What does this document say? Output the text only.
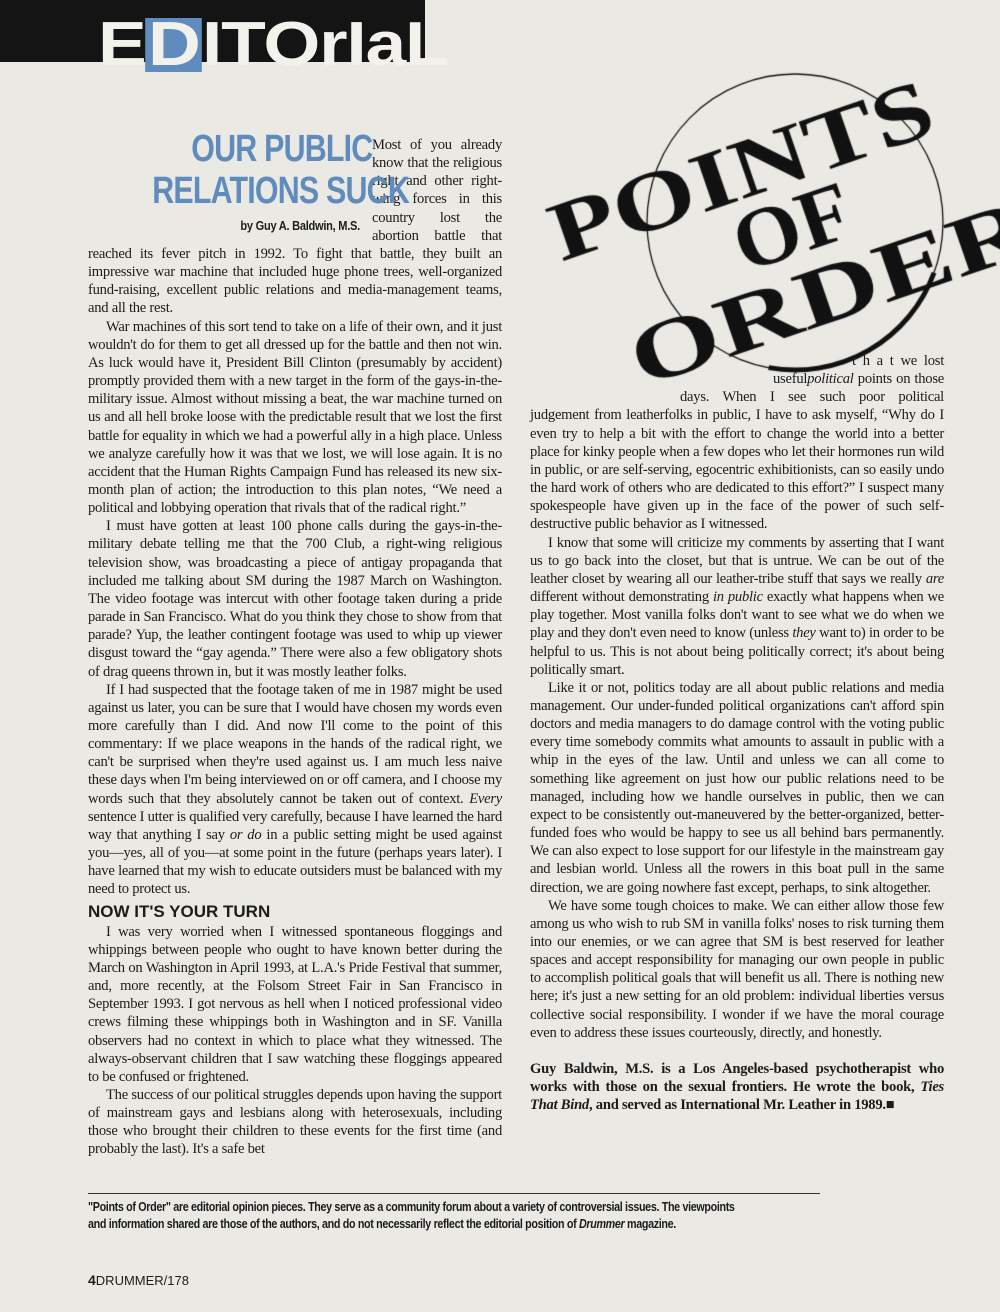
E D ITOrIaL
OUR PUBLIC
RELATIONS SUCK
by Guy A. Baldwin, M.S.

Most of you already know that the religious right and other right-wing forces in this country lost the abortion battle that reached its fever pitch in 1992. To fight that battle, they built an impressive war machine that included huge phone trees, well-organized fund-raising, excellent public relations and media-management teams, and all the rest.

War machines of this sort tend to take on a life of their own, and it just wouldn't do for them to get all dressed up for the battle and then not win. As luck would have it, President Bill Clinton (presumably by accident) promptly provided them with a new target in the form of the gays-in-the-military issue. Almost without missing a beat, the war machine turned on us and all hell broke loose with the predictable result that we lost the first battle for equality in which we had a powerful ally in a high place. Unless we analyze carefully how it was that we lost, we will lose again. It is no accident that the Human Rights Campaign Fund has released its new six-month plan of action; the introduction to this plan notes, “We need a political and lobbying operation that rivals that of the radical right.”

I must have gotten at least 100 phone calls during the gays-in-the-military debate telling me that the 700 Club, a right-wing religious television show, was broadcasting a piece of antigay propaganda that included me talking about SM during the 1987 March on Washington. The video footage was intercut with other footage taken during a pride parade in San Francisco. What do you think they chose to show from that parade? Yup, the leather contingent footage was used to whip up viewer disgust toward the “gay agenda.” There were also a few obligatory shots of drag queens thrown in, but it was mostly leather folks.

If I had suspected that the footage taken of me in 1987 might be used against us later, you can be sure that I would have chosen my words even more carefully than I did. And now I'll come to the point of this commentary: If we place weapons in the hands of the radical right, we can't be surprised when they're used against us. I am much less naive these days when I'm being interviewed on or off camera, and I choose my words such that they absolutely cannot be taken out of context. Every sentence I utter is qualified very carefully, because I have learned the hard way that anything I say or do in a public setting might be used against you—yes, all of you—at some point in the future (perhaps years later). I have learned that my wish to educate outsiders must be balanced with my need to protect us.

NOW IT'S YOUR TURN

I was very worried when I witnessed spontaneous floggings and whippings between people who ought to have known better during the March on Washington in April 1993, at L.A.'s Pride Festival that summer, and, more recently, at the Folsom Street Fair in San Francisco in September 1993. I got nervous as hell when I noticed professional video crews filming these whippings both in Washington and in SF. Vanilla observers had no context in which to place what they witnessed. The always-observant children that I saw watching these floggings appeared to be confused or frightened.

The success of our political struggles depends upon having the support of mainstream gays and lesbians along with heterosexuals, including those who brought their children to these events for the first time (and probably the last). It's a safe bet

t h a t we lost usefulpolitical points on those days. When I see such poor political judgement from leatherfolks in public, I have to ask myself, “Why do I even try to help a bit with the effort to change the world into a better place for kinky people when a few dopes who let their hormones run wild in public, or are self-serving, egocentric exhibitionists, can so easily undo the hard work of others who are dedicated to this effort?” I suspect many spokespeople have given up in the face of the power of such self-destructive public behavior as I witnessed.

I know that some will criticize my comments by asserting that I want us to go back into the closet, but that is untrue. We can be out of the leather closet by wearing all our leather-tribe stuff that says we really are different without demonstrating in public exactly what happens when we play together. Most vanilla folks don't want to see what we do when we play and they don't even need to know (unless they want to) in order to be helpful to us. This is not about being politically correct; it's about being politically smart.

Like it or not, politics today are all about public relations and media management. Our under-funded political organizations can't afford spin doctors and media managers to do damage control with the voting public every time somebody commits what amounts to assault in public with a whip in the eyes of the law. Until and unless we can all come to something like agreement on just how our public relations need to be managed, including how we handle ourselves in public, then we can expect to be consistently out-maneuvered by the better-organized, better-funded foes who would be happy to see us all behind bars permanently. We can also expect to lose support for our lifestyle in the mainstream gay and lesbian world. Unless all the rowers in this boat pull in the same direction, we are going nowhere fast except, perhaps, to sink altogether.

We have some tough choices to make. We can either allow those few among us who wish to rub SM in vanilla folks' noses to risk turning them into our enemies, or we can agree that SM is best reserved for leather spaces and accept responsibility for managing our own people in public to accomplish political goals that will benefit us all. There is nothing new here; it's just a new setting for an old problem: individual liberties versus collective social responsibility. I wonder if we have the moral courage even to address these issues courteously, directly, and honestly.

Guy Baldwin, M.S. is a Los Angeles-based psychotherapist who works with those on the sexual frontiers. He wrote the book, Ties That Bind, and served as International Mr. Leather in 1989.■

"Points of Order" are editorial opinion pieces. They serve as a community forum about a variety of controversial issues. The viewpoints
and information shared are those of the authors, and do not necessarily reflect the editorial position of Drummer magazine.
4DRUMMER/178
